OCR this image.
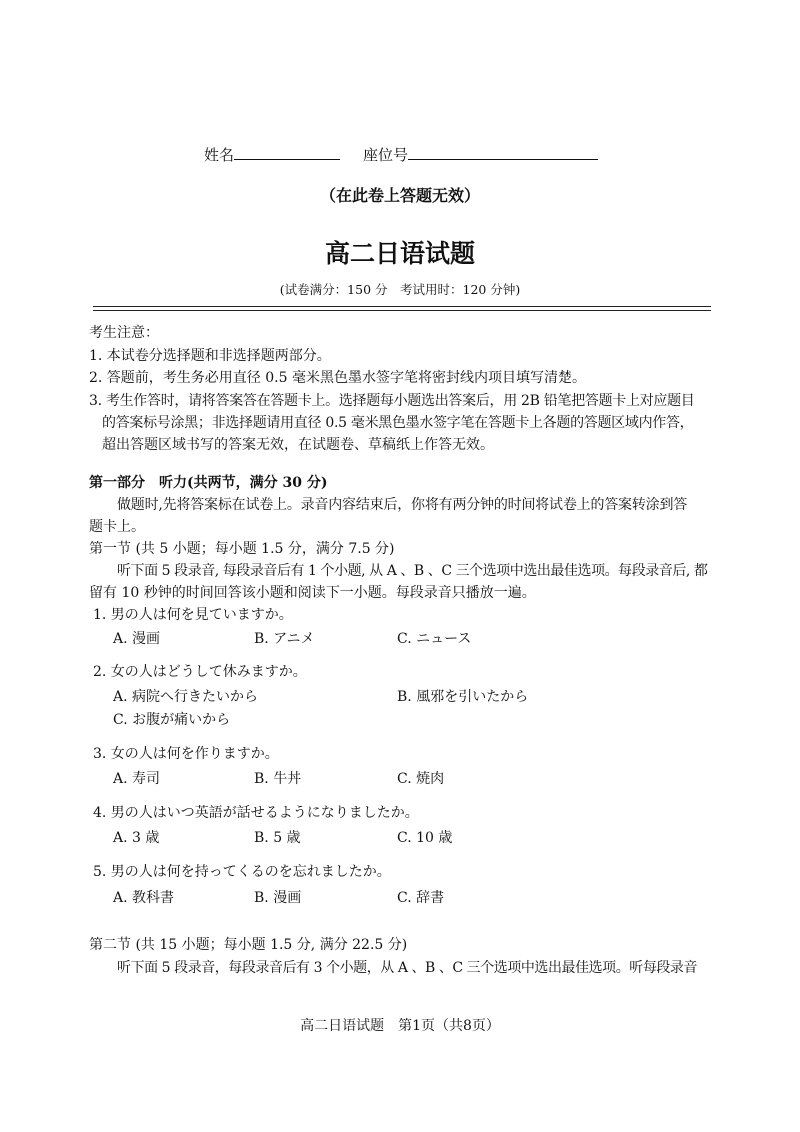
姓名	座位号
（在此卷上答题无效）
高二日语试题
(试卷满分：150 分　考试用时：120 分钟)
考生注意：
1. 本试卷分选择题和非选择题两部分。
2. 答题前，考生务必用直径 0.5 毫米黑色墨水签字笔将密封线内项目填写清楚。
3. 考生作答时，请将答案答在答题卡上。选择题每小题选出答案后，用 2B 铅笔把答题卡上对应题目
的答案标号涂黑；非选择题请用直径 0.5 毫米黑色墨水签字笔在答题卡上各题的答题区域内作答，
超出答题区域书写的答案无效，在试题卷、草稿纸上作答无效。
第一部分　听力(共两节，满分 30 分)
做题时,先将答案标在试卷上。录音内容结束后，你将有两分钟的时间将试卷上的答案转涂到答
题卡上。
第一节 (共 5 小题；每小题 1.5 分，满分 7.5 分)
听下面 5 段录音, 每段录音后有 1 个小题, 从 A 、B 、C 三个选项中选出最佳选项。每段录音后, 都
留有 10 秒钟的时间回答该小题和阅读下一小题。每段录音只播放一遍。
1. 男の人は何を見ていますか。
A. 漫画	B. アニメ	C. ニュース
2. 女の人はどうして休みますか。
A. 病院へ行きたいから	B. 風邪を引いたから
C. お腹が痛いから
3. 女の人は何を作りますか。
A. 寿司	B. 牛丼	C. 焼肉
4. 男の人はいつ英語が話せるようになりましたか。
A. 3 歳	B. 5 歳	C. 10 歳
5. 男の人は何を持ってくるのを忘れましたか。
A. 教科書	B. 漫画	C. 辞書
第二节 (共 15 小题；每小题 1.5 分, 满分 22.5 分)
听下面 5 段录音，每段录音后有 3 个小题，从 A 、B 、C 三个选项中选出最佳选项。听每段录音
高二日语试题　第1页（共8页）
